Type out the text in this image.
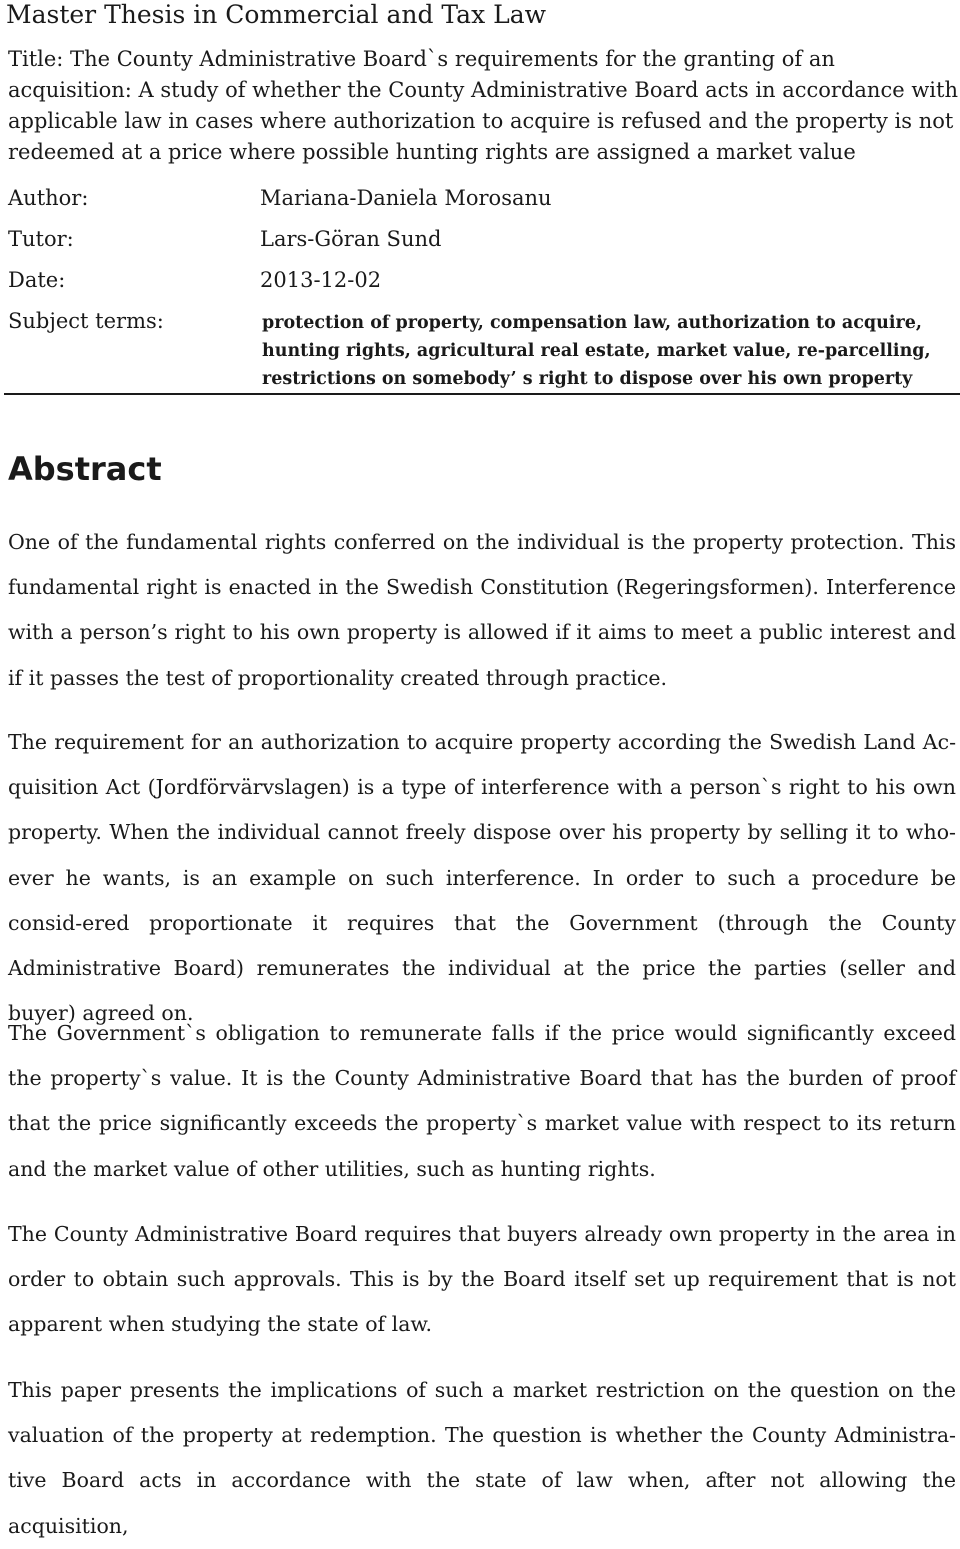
Master Thesis in Commercial and Tax Law
Title: The County Administrative Board`s requirements for the granting of an acquisition: A study of whether the County Administrative Board acts in accordance with applicable law in cases where authorization to acquire is refused and the property is not redeemed at a price where possible hunting rights are assigned a market value
Author:	Mariana-Daniela Morosanu
Tutor:	Lars-Göran Sund
Date:	2013-12-02
Subject terms:	protection of property, compensation law, authorization to acquire, hunting rights, agricultural real estate, market value, re-parcelling, restrictions on somebody’ s right to dispose over his own property
Abstract

One of the fundamental rights conferred on the individual is the property protection. This fundamental right is enacted in the Swedish Constitution (Regeringsformen). Interference with a person’s right to his own property is allowed if it aims to meet a public interest and if it passes the test of proportionality created through practice.

The requirement for an authorization to acquire property according the Swedish Land Ac-quisition Act (Jordförvärvslagen) is a type of interference with a person`s right to his own property. When the individual cannot freely dispose over his property by selling it to who-ever he wants, is an example on such interference. In order to such a procedure be consid-ered proportionate it requires that the Government (through the County Administrative Board) remunerates the individual at the price the parties (seller and buyer) agreed on.

The Government`s obligation to remunerate falls if the price would significantly exceed the property`s value. It is the County Administrative Board that has the burden of proof that the price significantly exceeds the property`s market value with respect to its return and the market value of other utilities, such as hunting rights.

The County Administrative Board requires that buyers already own property in the area in order to obtain such approvals. This is by the Board itself set up requirement that is not apparent when studying the state of law.

This paper presents the implications of such a market restriction on the question on the valuation of the property at redemption. The question is whether the County Administra-tive Board acts in accordance with the state of law when, after not allowing the acquisition,
